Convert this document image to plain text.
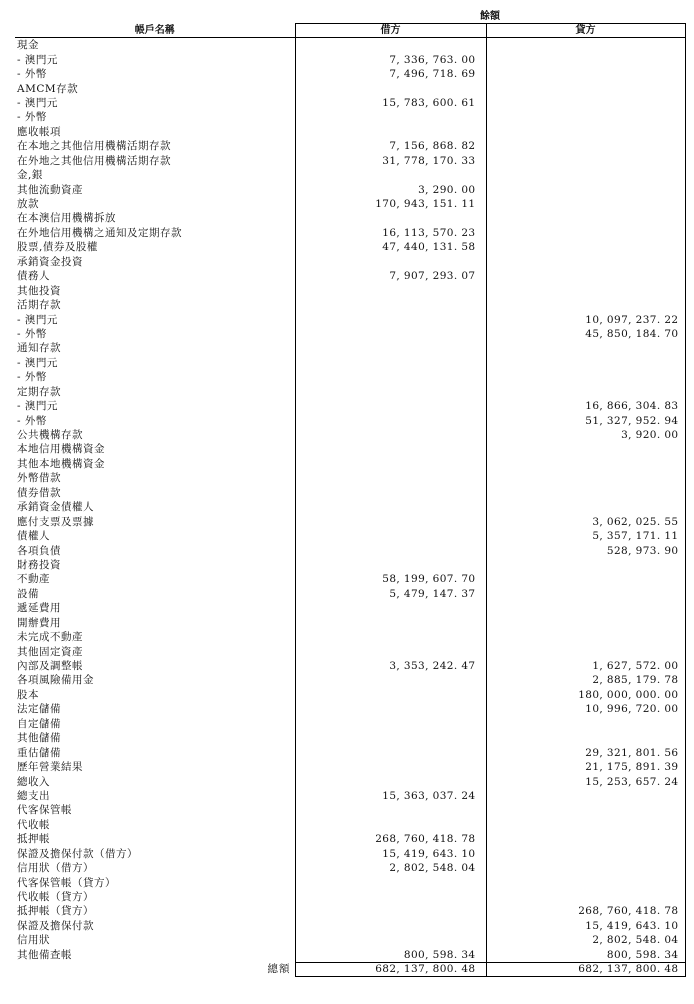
	餘額	
帳戶名稱	借方	貸方
現金		
- 澳門元	7, 336, 763. 00	
- 外幣	7, 496, 718. 69	
AMCM存款		
- 澳門元	15, 783, 600. 61	
- 外幣		
應收帳項		
在本地之其他信用機構活期存款	7, 156, 868. 82	
在外地之其他信用機構活期存款	31, 778, 170. 33	
金,銀		
其他流動資產	3, 290. 00	
放款	170, 943, 151. 11	
在本澳信用機構拆放		
在外地信用機構之通知及定期存款	16, 113, 570. 23	
股票,債券及股權	47, 440, 131. 58	
承銷資金投資		
債務人	7, 907, 293. 07	
其他投資		
活期存款		
- 澳門元		10, 097, 237. 22
- 外幣		45, 850, 184. 70
通知存款		
- 澳門元		
- 外幣		
定期存款		
- 澳門元		16, 866, 304. 83
- 外幣		51, 327, 952. 94
公共機構存款		3, 920. 00
本地信用機構資金		
其他本地機構資金		
外幣借款		
債券借款		
承銷資金債權人		
應付支票及票據		3, 062, 025. 55
債權人		5, 357, 171. 11
各項負債		528, 973. 90
財務投資		
不動產	58, 199, 607. 70	
設備	5, 479, 147. 37	
遞延費用		
開辦費用		
未完成不動產		
其他固定資產		
內部及調整帳	3, 353, 242. 47	1, 627, 572. 00
各項風險備用金		2, 885, 179. 78
股本		180, 000, 000. 00
法定儲備		10, 996, 720. 00
自定儲備		
其他儲備		
重估儲備		29, 321, 801. 56
歷年營業結果		21, 175, 891. 39
總收入		15, 253, 657. 24
總支出	15, 363, 037. 24	
代客保管帳		
代收帳		
抵押帳	268, 760, 418. 78	
保證及擔保付款（借方）	15, 419, 643. 10	
信用狀（借方）	2, 802, 548. 04	
代客保管帳（貸方）		
代收帳（貸方）		
抵押帳（貸方）		268, 760, 418. 78
保證及擔保付款		15, 419, 643. 10
信用狀		2, 802, 548. 04
其他備查帳	800, 598. 34	800, 598. 34
總額	682, 137, 800. 48	682, 137, 800. 48
